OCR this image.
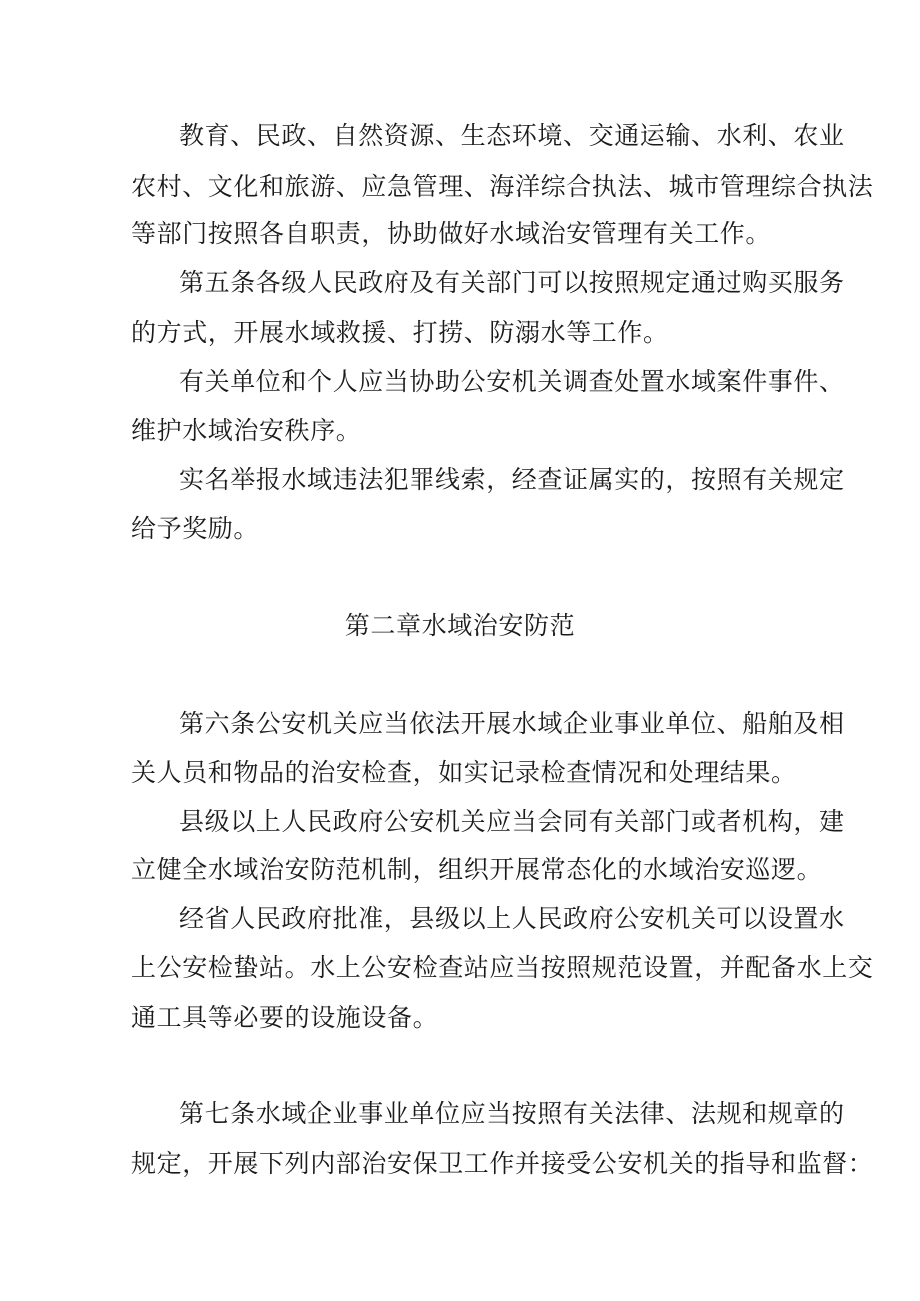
教育、民政、自然资源、生态环境、交通运输、水利、农业

农村、文化和旅游、应急管理、海洋综合执法、城市管理综合执法

等部门按照各自职责，协助做好水域治安管理有关工作。

第五条各级人民政府及有关部门可以按照规定通过购买服务

的方式，开展水域救援、打捞、防溺水等工作。

有关单位和个人应当协助公安机关调查处置水域案件事件、

维护水域治安秩序。

实名举报水域违法犯罪线索，经查证属实的，按照有关规定

给予奖励。

第二章水域治安防范

第六条公安机关应当依法开展水域企业事业单位、船舶及相

关人员和物品的治安检查，如实记录检查情况和处理结果。

县级以上人民政府公安机关应当会同有关部门或者机构，建

立健全水域治安防范机制，组织开展常态化的水域治安巡逻。

经省人民政府批准，县级以上人民政府公安机关可以设置水

上公安检蛰站。水上公安检查站应当按照规范设置，并配备水上交

通工具等必要的设施设备。

第七条水域企业事业单位应当按照有关法律、法规和规章的

规定，开展下列内部治安保卫工作并接受公安机关的指导和监督：
